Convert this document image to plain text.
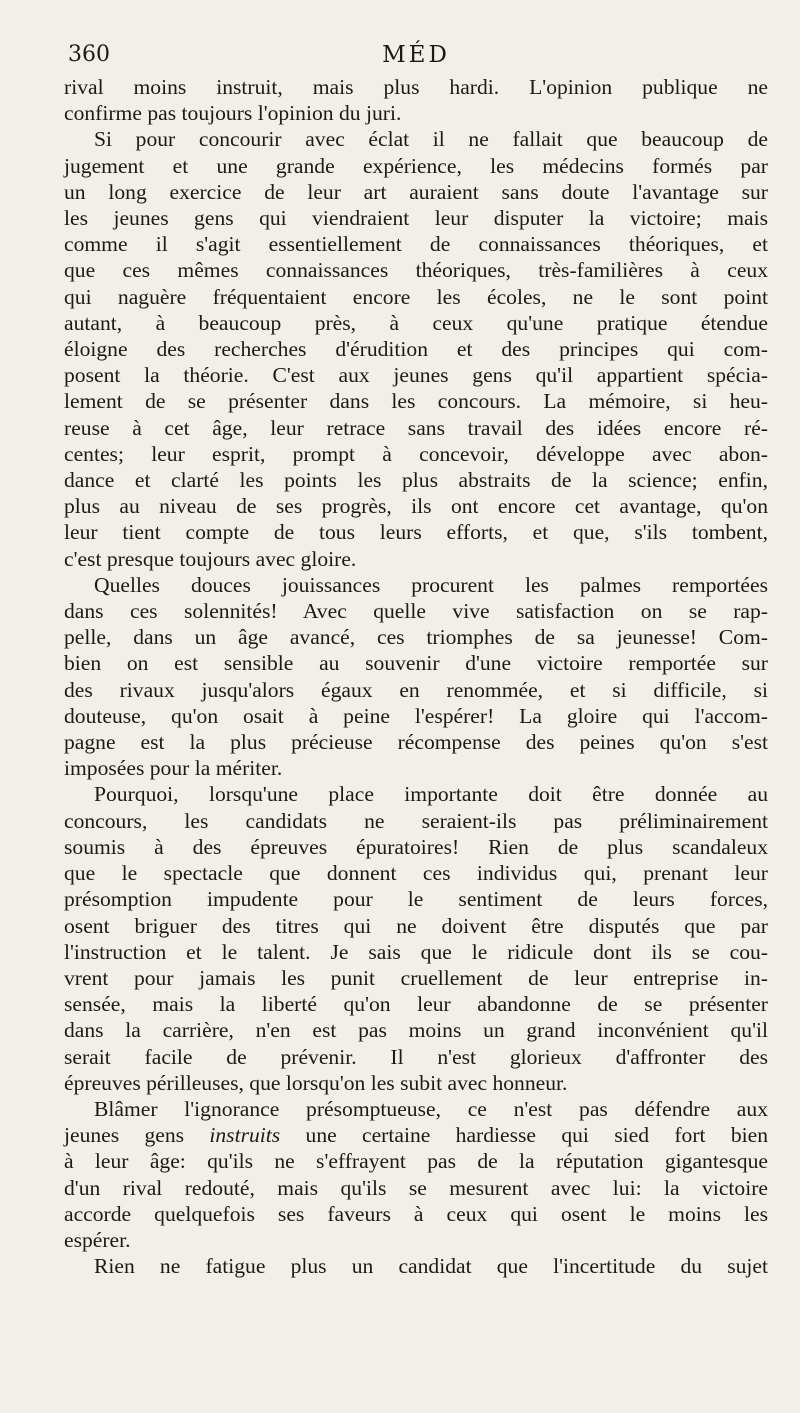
360	MÉD
rival moins instruit, mais plus hardi. L'opinion publique ne
confirme pas toujours l'opinion du juri.
Si pour concourir avec éclat il ne fallait que beaucoup de
jugement et une grande expérience, les médecins formés par
un long exercice de leur art auraient sans doute l'avantage sur
les jeunes gens qui viendraient leur disputer la victoire; mais
comme il s'agit essentiellement de connaissances théoriques, et
que ces mêmes connaissances théoriques, très-familières à ceux
qui naguère fréquentaient encore les écoles, ne le sont point
autant, à beaucoup près, à ceux qu'une pratique étendue
éloigne des recherches d'érudition et des principes qui com-
posent la théorie. C'est aux jeunes gens qu'il appartient spécia-
lement de se présenter dans les concours. La mémoire, si heu-
reuse à cet âge, leur retrace sans travail des idées encore ré-
centes; leur esprit, prompt à concevoir, développe avec abon-
dance et clarté les points les plus abstraits de la science; enfin,
plus au niveau de ses progrès, ils ont encore cet avantage, qu'on
leur tient compte de tous leurs efforts, et que, s'ils tombent,
c'est presque toujours avec gloire.
Quelles douces jouissances procurent les palmes remportées
dans ces solennités! Avec quelle vive satisfaction on se rap-
pelle, dans un âge avancé, ces triomphes de sa jeunesse! Com-
bien on est sensible au souvenir d'une victoire remportée sur
des rivaux jusqu'alors égaux en renommée, et si difficile, si
douteuse, qu'on osait à peine l'espérer! La gloire qui l'accom-
pagne est la plus précieuse récompense des peines qu'on s'est
imposées pour la mériter.
Pourquoi, lorsqu'une place importante doit être donnée au
concours, les candidats ne seraient-ils pas préliminairement
soumis à des épreuves épuratoires! Rien de plus scandaleux
que le spectacle que donnent ces individus qui, prenant leur
présomption impudente pour le sentiment de leurs forces,
osent briguer des titres qui ne doivent être disputés que par
l'instruction et le talent. Je sais que le ridicule dont ils se cou-
vrent pour jamais les punit cruellement de leur entreprise in-
sensée, mais la liberté qu'on leur abandonne de se présenter
dans la carrière, n'en est pas moins un grand inconvénient qu'il
serait facile de prévenir. Il n'est glorieux d'affronter des
épreuves périlleuses, que lorsqu'on les subit avec honneur.
Blâmer l'ignorance présomptueuse, ce n'est pas défendre aux
jeunes gens instruits une certaine hardiesse qui sied fort bien
à leur âge: qu'ils ne s'effrayent pas de la réputation gigantesque
d'un rival redouté, mais qu'ils se mesurent avec lui: la victoire
accorde quelquefois ses faveurs à ceux qui osent le moins les
espérer.
Rien ne fatigue plus un candidat que l'incertitude du sujet
